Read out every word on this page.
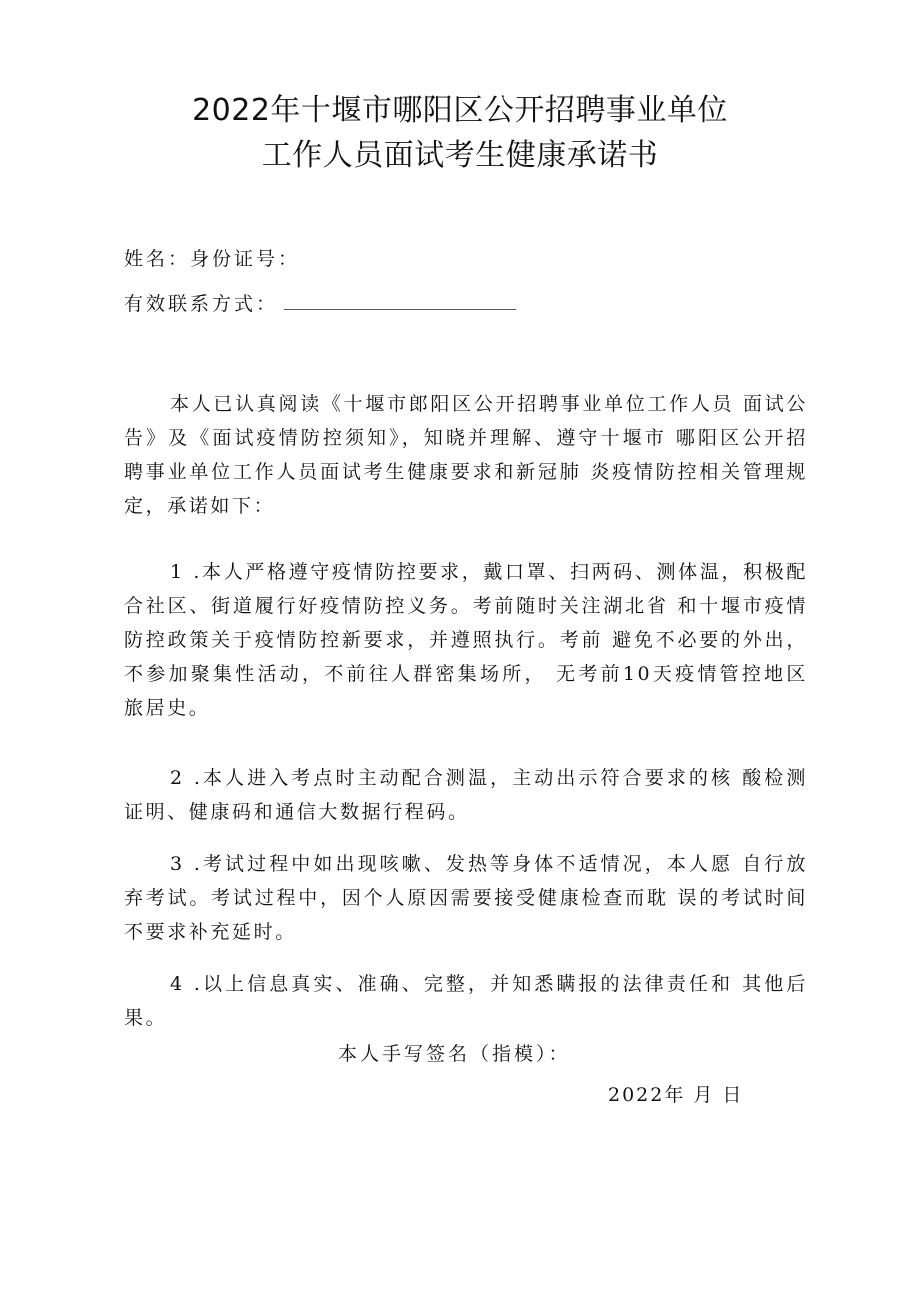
2022年十堰市哪阳区公开招聘事业单位
工作人员面试考生健康承诺书
姓名：身份证号：
有效联系方式：

本人已认真阅读《十堰市郎阳区公开招聘事业单位工作人员 面试公告》及《面试疫情防控须知》，知晓并理解、遵守十堰市 哪阳区公开招聘事业单位工作人员面试考生健康要求和新冠肺 炎疫情防控相关管理规定，承诺如下：

1 .本人严格遵守疫情防控要求，戴口罩、扫两码、测体温，积极配合社区、街道履行好疫情防控义务。考前随时关注湖北省 和十堰市疫情防控政策关于疫情防控新要求，并遵照执行。考前 避免不必要的外出，不参加聚集性活动，不前往人群密集场所， 无考前10天疫情管控地区旅居史。

2 .本人进入考点时主动配合测温，主动出示符合要求的核 酸检测证明、健康码和通信大数据行程码。

3 .考试过程中如出现咳嗽、发热等身体不适情况，本人愿 自行放弃考试。考试过程中，因个人原因需要接受健康检查而耽 误的考试时间不要求补充延时。

4 .以上信息真实、准确、完整，并知悉瞒报的法律责任和 其他后果。

本人手写签名（指模）：
2022年 月 日
